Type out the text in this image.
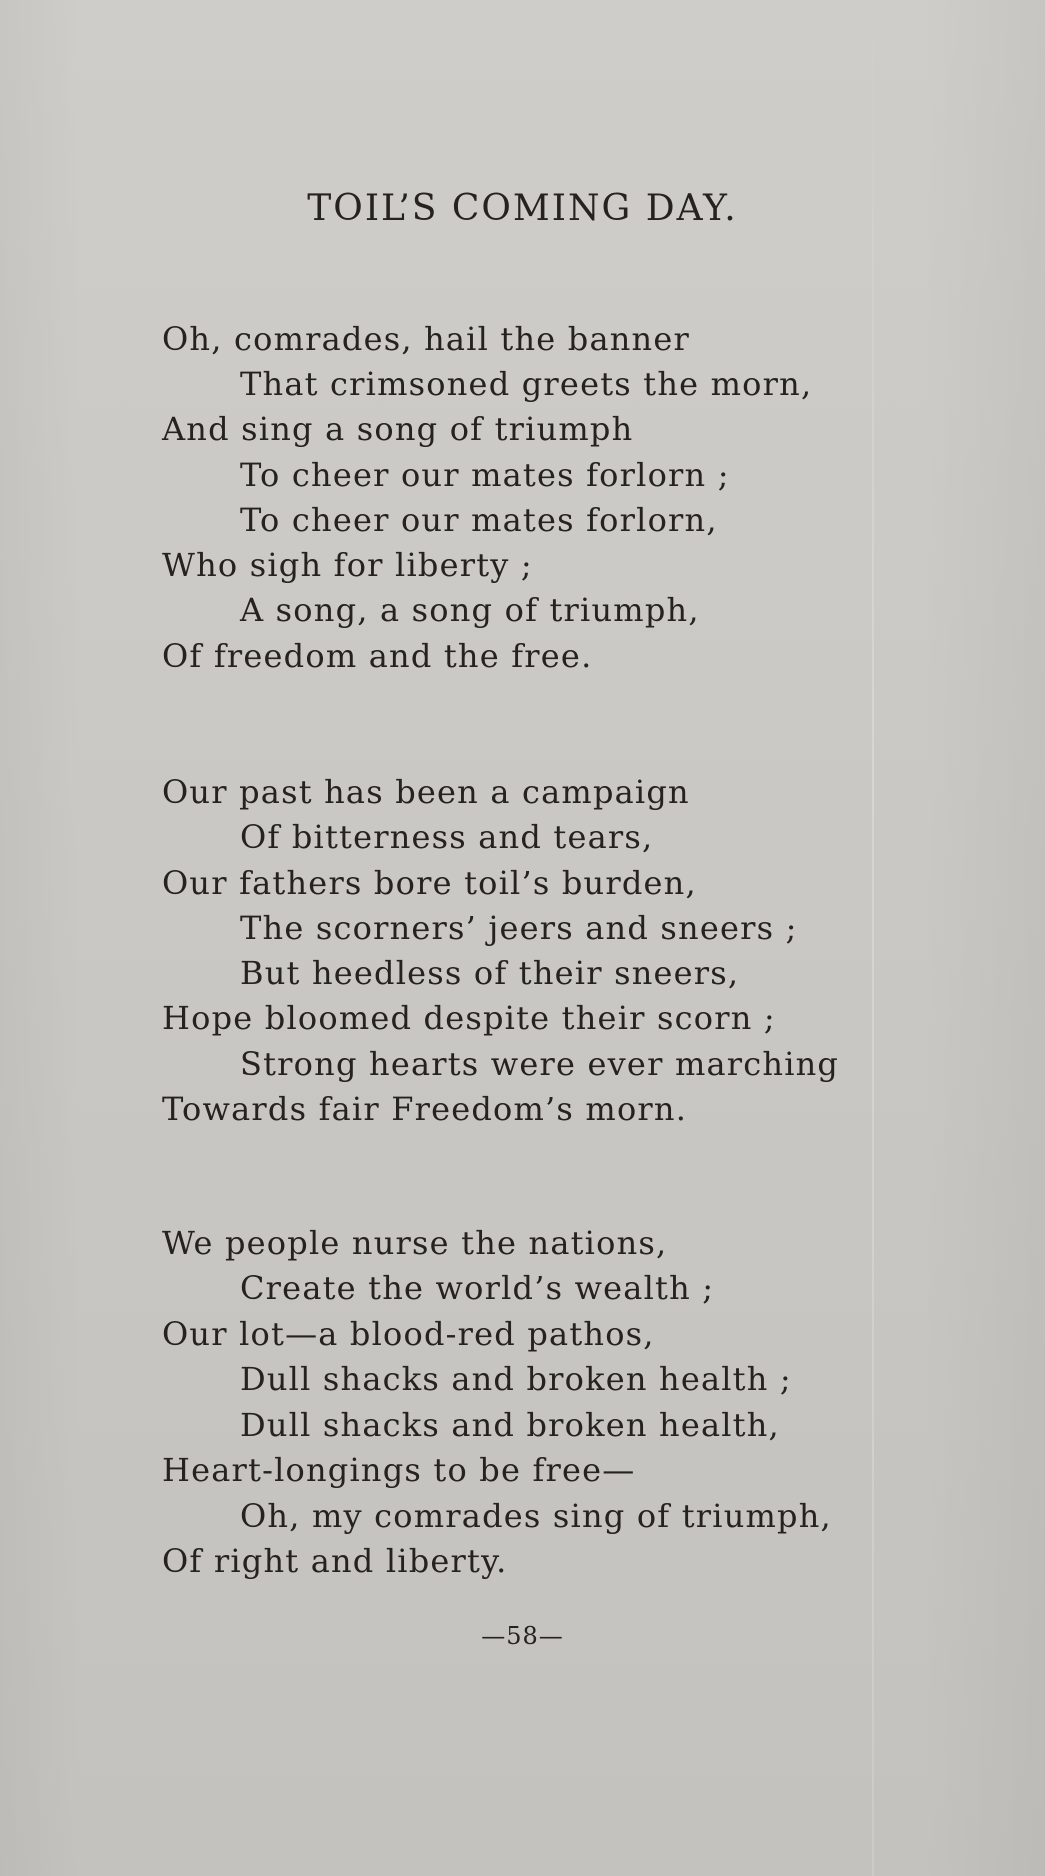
TOIL’S COMING DAY.
Oh, comrades, hail the banner
That crimsoned greets the morn,
And sing a song of triumph
To cheer our mates forlorn ;
To cheer our mates forlorn,
Who sigh for liberty ;
A song, a song of triumph,
Of freedom and the free.
Our past has been a campaign
Of bitterness and tears,
Our fathers bore toil’s burden,
The scorners’ jeers and sneers ;
But heedless of their sneers,
Hope bloomed despite their scorn ;
Strong hearts were ever marching
Towards fair Freedom’s morn.
We people nurse the nations,
Create the world’s wealth ;
Our lot—a blood-red pathos,
Dull shacks and broken health ;
Dull shacks and broken health,
Heart-longings to be free—
Oh, my comrades sing of triumph,
Of right and liberty.
—58—
